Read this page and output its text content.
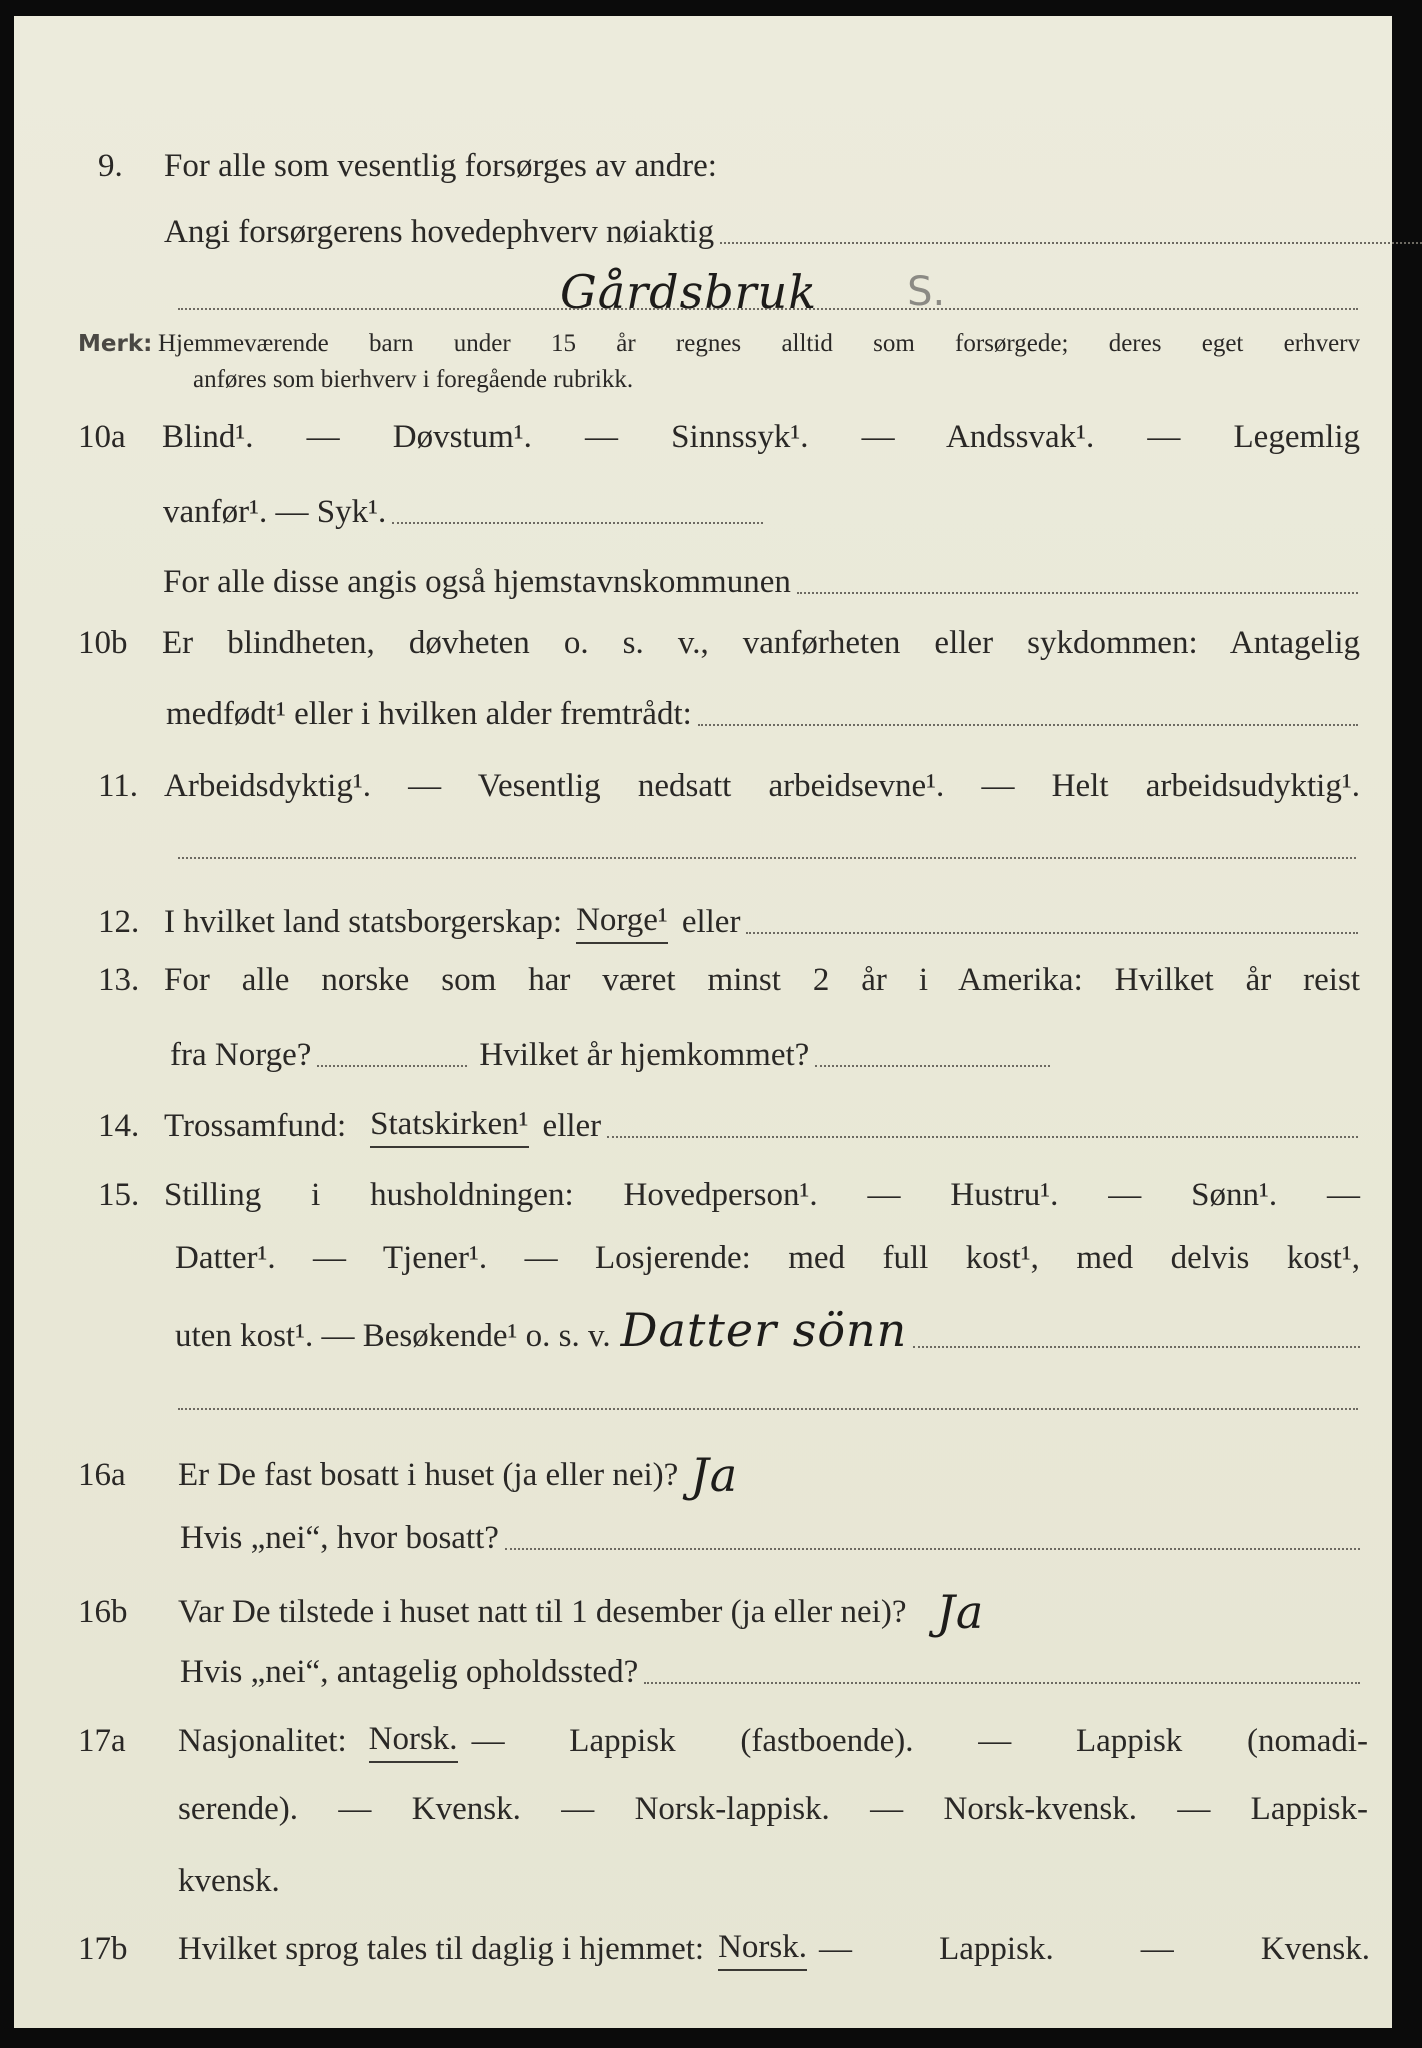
9.	For alle som vesentlig forsørges av andre:
Angi forsørgerens hovedерhverv nøiaktig
Gårdsbruk S.
Merk: Hjemmeværende barn under 15 år regnes alltid som forsørgede; deres eget erhverv
anføres som bierhverv i foregående rubrikk.
10a	Blind¹. — Døvstum¹. — Sinnssyk¹. — Andssvak¹. — Legemlig
vanfør¹. — Syk¹.
For alle disse angis også hjemstavnskommunen
10b	Er blindheten, døvheten o. s. v., vanførheten eller sykdommen: Antagelig
medfødt¹ eller i hvilken alder fremtrådt:
11. Arbeidsdyktig¹. — Vesentlig nedsatt arbeidsevne¹. — Helt arbeidsudyktig¹.
12. I hvilket land statsborgerskap: Norge¹ eller
13. For alle norske som har været minst 2 år i Amerika: Hvilket år reist
fra Norge?	Hvilket år hjemkommet?
14. Trossamfund: Statskirken¹ eller
15. Stilling i husholdningen: Hovedperson¹. — Hustru¹. — Sønn¹. —
Datter¹. — Tjener¹. — Losjerende: med full kost¹, med delvis kost¹,
uten kost¹. — Besøkende¹ o. s. v. Datter sönn
16a	Er De fast bosatt i huset (ja eller nei)? Ja
Hvis „nei“, hvor bosatt?
16b	Var De tilstede i huset natt til 1 desember (ja eller nei)? Ja
Hvis „nei“, antagelig opholdssted?
17a	Nasjonalitet: Norsk. — Lappisk (fastboende). — Lappisk (nomadi-
serende). — Kvensk. — Norsk-lappisk. — Norsk-kvensk. — Lappisk-
kvensk.
17b	Hvilket sprog tales til daglig i hjemmet: Norsk. — Lappisk. — Kvensk.
